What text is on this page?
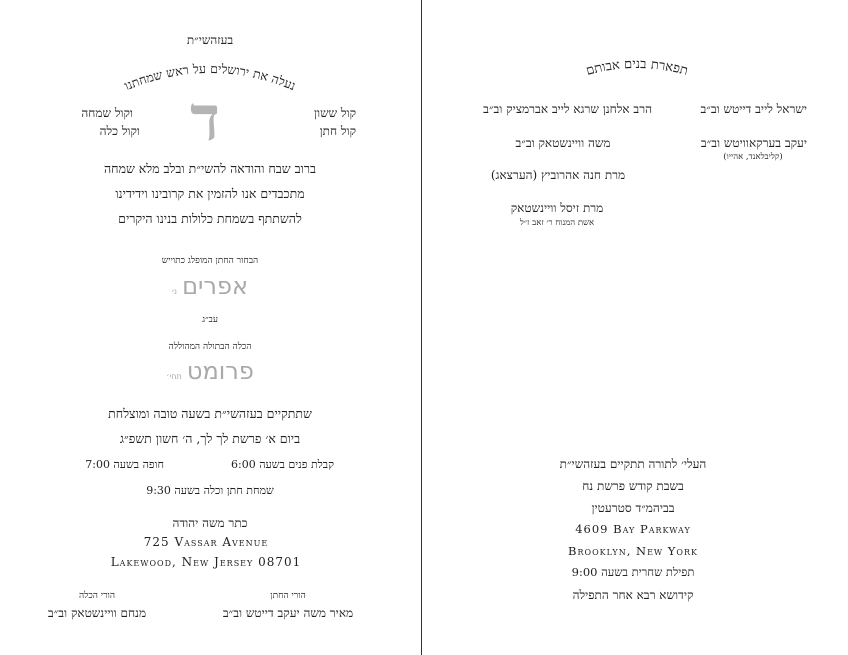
בעזהשי״ת
נעלה את ירושלים על ראש שמחתנו
ד	קול ששון
קול חתן
וקול שמחה
וקול כלה
ברוב שבח והודאה להשי״ת ובלב מלא שמחה
מתכבדים אנו להזמין את קרובינו וידידינו
להשתתף בשמחת כלולות בנינו היקרים
הבחור החתן המופלג כתוייש
אפרים ני
עב״ג
הכלה הבתולה המהוללה
פרומט תחי׳
שתתקיים בעזהשי״ת בשעה טובה ומוצלחת
ביום א׳ פרשת לך לך, ה׳ חשון תשפ״ג
קבלת פנים בשעה 6:00
חופה בשעה 7:00
שמחת חתן וכלה בשעה 9:30
כתר משה יהודה
725 Vassar Avenue
Lakewood, New Jersey 08701
הורי החתן
מאיר משה יעקב דייטש וב״ב
הורי הכלה
מנחם וויינשטאק וב״ב
תפארת בנים אבותם
ישראל לייב דייטש וב״ב
הרב אלחנן שרגא לייב אברמציק וב״ב
יעקב בערקאוויטש וב״ב
(קליבלאנד, אהייו)
משה וויינשטאק וב״ב
מרת חנה אהרוביץ (הערצאג)
מרת זיסל וויינשטאק
אשת המנוח ר׳ זאב ז״ל
העלי׳ לתורה תתקיים בעזהשי״ת
בשבת קודש פרשת נח
בביהמ״ד סטרעטין
4609 Bay Parkway
Brooklyn, New York
תפילת שחרית בשעה 9:00
קידושא רבא אחר התפילה
